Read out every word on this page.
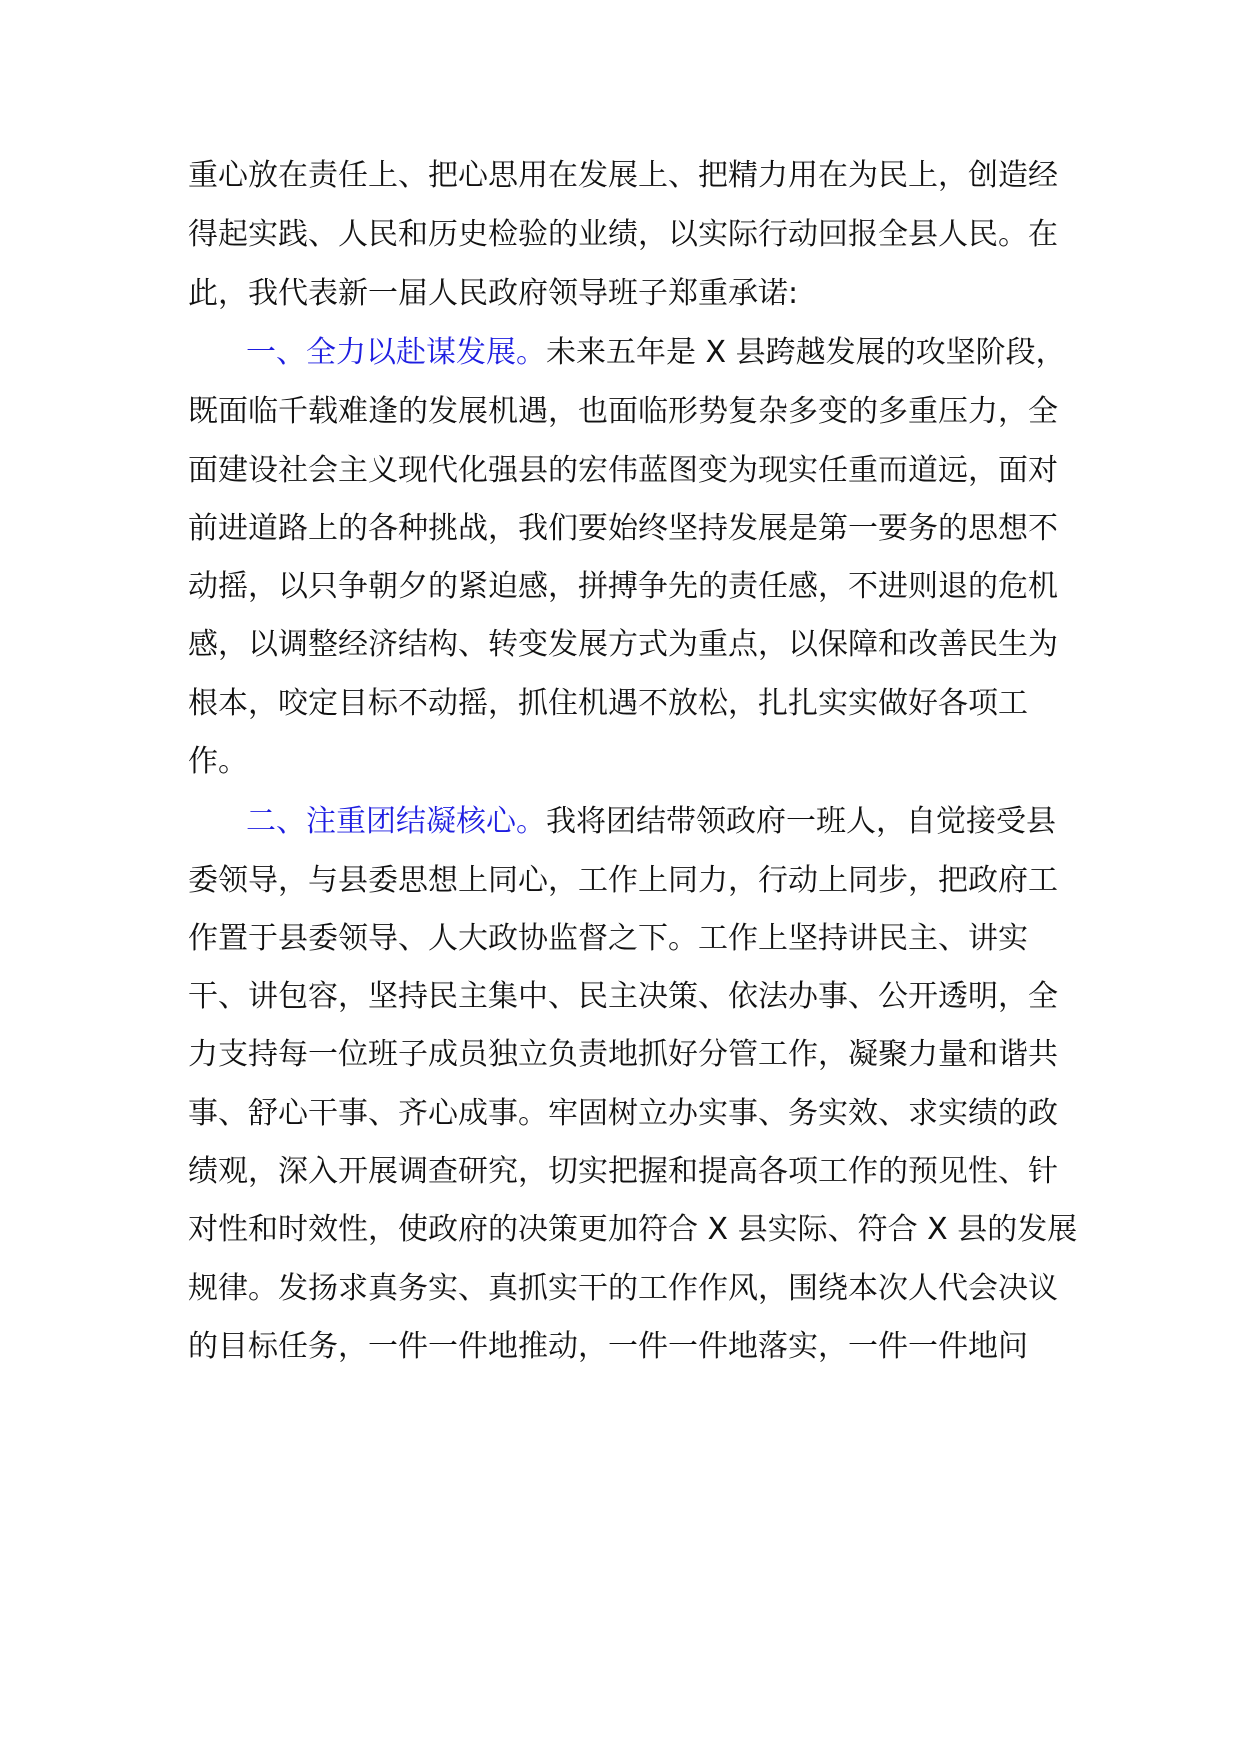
重心放在责任上、把心思用在发展上、把精力用在为民上，创造经
得起实践、人民和历史检验的业绩，以实际行动回报全县人民。在
此，我代表新一届人民政府领导班子郑重承诺:
一、全力以赴谋发展。未来五年是 X 县跨越发展的攻坚阶段，
既面临千载难逢的发展机遇，也面临形势复杂多变的多重压力，全
面建设社会主义现代化强县的宏伟蓝图变为现实任重而道远，面对
前进道路上的各种挑战，我们要始终坚持发展是第一要务的思想不
动摇，以只争朝夕的紧迫感，拼搏争先的责任感，不进则退的危机
感，以调整经济结构、转变发展方式为重点，以保障和改善民生为
根本，咬定目标不动摇，抓住机遇不放松，扎扎实实做好各项工
作。
二、注重团结凝核心。我将团结带领政府一班人，自觉接受县
委领导，与县委思想上同心，工作上同力，行动上同步，把政府工
作置于县委领导、人大政协监督之下。工作上坚持讲民主、讲实
干、讲包容，坚持民主集中、民主决策、依法办事、公开透明，全
力支持每一位班子成员独立负责地抓好分管工作，凝聚力量和谐共
事、舒心干事、齐心成事。牢固树立办实事、务实效、求实绩的政
绩观，深入开展调查研究，切实把握和提高各项工作的预见性、针
对性和时效性，使政府的决策更加符合 X 县实际、符合 X 县的发展
规律。发扬求真务实、真抓实干的工作作风，围绕本次人代会决议
的目标任务，一件一件地推动，一件一件地落实，一件一件地问
